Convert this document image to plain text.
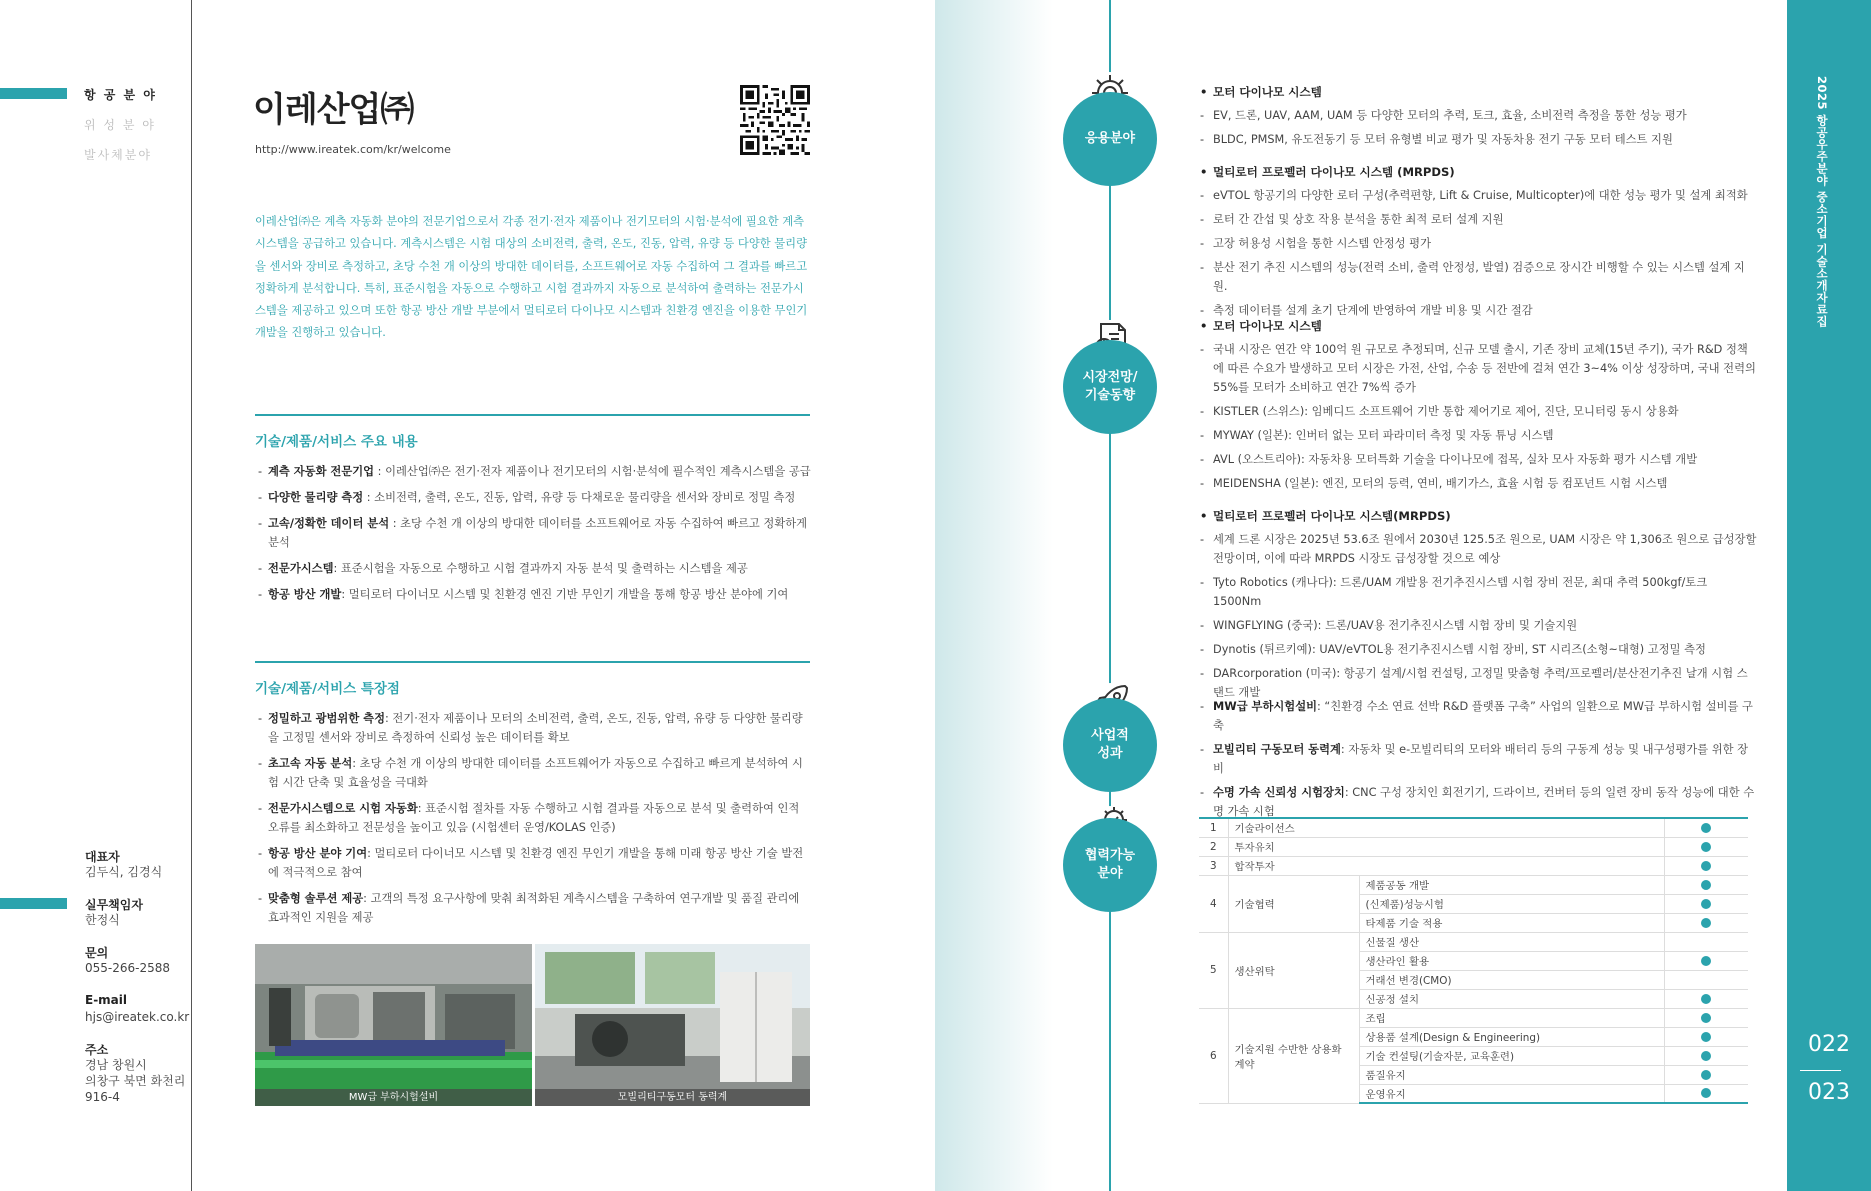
항 공 분 야
위 성 분 야
발사체분야
대표자
김두식, 김경식
실무책임자
한정식
문의
055-266-2588
E-mail
hjs@ireatek.co.kr
주소
경남 창원시
의창구 북면 화천리
916-4
이레산업㈜
http://www.ireatek.com/kr/welcome
이레산업㈜은 계측 자동화 분야의 전문기업으로서 각종 전기·전자 제품이나 전기모터의 시험·분석에 필요한 계측시스템을 공급하고 있습니다. 계측시스템은 시험 대상의 소비전력, 출력, 온도, 진동, 압력, 유량 등 다양한 물리량을 센서와 장비로 측정하고, 초당 수천 개 이상의 방대한 데이터를, 소프트웨어로 자동 수집하여 그 결과를 빠르고 정확하게 분석합니다. 특히, 표준시험을 자동으로 수행하고 시험 결과까지 자동으로 분석하여 출력하는 전문가시스템을 제공하고 있으며 또한 항공 방산 개발 부분에서 멀티로터 다이나모 시스템과 친환경 엔진을 이용한 무인기 개발을 진행하고 있습니다.
기술/제품/서비스 주요 내용
- 계측 자동화 전문기업 : 이레산업㈜은 전기·전자 제품이나 전기모터의 시험·분석에 필수적인 계측시스템을 공급
- 다양한 물리량 측정 : 소비전력, 출력, 온도, 진동, 압력, 유량 등 다채로운 물리량을 센서와 장비로 정밀 측정
- 고속/정확한 데이터 분석 : 초당 수천 개 이상의 방대한 데이터를 소프트웨어로 자동 수집하여 빠르고 정확하게 분석
- 전문가시스템: 표준시험을 자동으로 수행하고 시험 결과까지 자동 분석 및 출력하는 시스템을 제공
- 항공 방산 개발: 멀티로터 다이너모 시스템 및 친환경 엔진 기반 무인기 개발을 통해 항공 방산 분야에 기여
기술/제품/서비스 특장점
- 정밀하고 광범위한 측정: 전기·전자 제품이나 모터의 소비전력, 출력, 온도, 진동, 압력, 유량 등 다양한 물리량을 고정밀 센서와 장비로 측정하여 신뢰성 높은 데이터를 확보
- 초고속 자동 분석: 초당 수천 개 이상의 방대한 데이터를 소프트웨어가 자동으로 수집하고 빠르게 분석하여 시험 시간 단축 및 효율성을 극대화
- 전문가시스템으로 시험 자동화: 표준시험 절차를 자동 수행하고 시험 결과를 자동으로 분석 및 출력하여 인적 오류를 최소화하고 전문성을 높이고 있음 (시험센터 운영/KOLAS 인증)
- 항공 방산 분야 기여: 멀티로터 다이너모 시스템 및 친환경 엔진 무인기 개발을 통해 미래 항공 방산 기술 발전에 적극적으로 참여
- 맞춤형 솔루션 제공: 고객의 특정 요구사항에 맞춰 최적화된 계측시스템을 구축하여 연구개발 및 품질 관리에 효과적인 지원을 제공
MW급 부하시험설비	모빌리티구동모터 동력계
응용분야
• 모터 다이나모 시스템
- EV, 드론, UAV, AAM, UAM 등 다양한 모터의 추력, 토크, 효율, 소비전력 측정을 통한 성능 평가
- BLDC, PMSM, 유도전동기 등 모터 유형별 비교 평가 및 자동차용 전기 구동 모터 테스트 지원
• 멀티로터 프로펠러 다이나모 시스템 (MRPDS)
- eVTOL 항공기의 다양한 로터 구성(추력편향, Lift & Cruise, Multicopter)에 대한 성능 평가 및 설계 최적화
- 로터 간 간섭 및 상호 작용 분석을 통한 최적 로터 설계 지원
- 고장 허용성 시험을 통한 시스템 안정성 평가
- 분산 전기 추진 시스템의 성능(전력 소비, 출력 안정성, 발열) 검증으로 장시간 비행할 수 있는 시스템 설계 지원.
- 측정 데이터를 설계 초기 단계에 반영하여 개발 비용 및 시간 절감
시장전망/
기술동향
• 모터 다이나모 시스템
- 국내 시장은 연간 약 100억 원 규모로 추정되며, 신규 모델 출시, 기존 장비 교체(15년 주기), 국가 R&D 정책에 따른 수요가 발생하고 모터 시장은 가전, 산업, 수송 등 전반에 걸쳐 연간 3~4% 이상 성장하며, 국내 전력의 55%를 모터가 소비하고 연간 7%씩 증가
- KISTLER (스위스): 임베디드 소프트웨어 기반 통합 제어기로 제어, 진단, 모니터링 동시 상용화
- MYWAY (일본): 인버터 없는 모터 파라미터 측정 및 자동 튜닝 시스템
- AVL (오스트리아): 자동차용 모터특화 기술을 다이나모에 접목, 실차 모사 자동화 평가 시스템 개발
- MEIDENSHA (일본): 엔진, 모터의 등력, 연비, 배기가스, 효율 시험 등 컴포넌트 시험 시스템
• 멀티로터 프로펠러 다이나모 시스템(MRPDS)
- 세계 드론 시장은 2025년 53.6조 원에서 2030년 125.5조 원으로, UAM 시장은 약 1,306조 원으로 급성장할 전망이며, 이에 따라 MRPDS 시장도 급성장할 것으로 예상
- Tyto Robotics (캐나다): 드론/UAM 개발용 전기추진시스템 시험 장비 전문, 최대 추력 500kgf/토크 1500Nm
- WINGFLYING (중국): 드론/UAV용 전기추진시스템 시험 장비 및 기술지원
- Dynotis (튀르키예): UAV/eVTOL용 전기추진시스템 시험 장비, ST 시리즈(소형~대형) 고정밀 측정
- DARcorporation (미국): 항공기 설계/시험 컨설팅, 고정밀 맞춤형 추력/프로펠러/분산전기추진 날개 시험 스탠드 개발
사업적
성과
- MW급 부하시험설비: “친환경 수소 연료 선박 R&D 플랫폼 구축” 사업의 일환으로 MW급 부하시험 설비를 구축
- 모빌리티 구동모터 동력계: 자동차 및 e-모빌리티의 모터와 배터리 등의 구동계 성능 및 내구성평가를 위한 장비
- 수명 가속 신뢰성 시험장치: CNC 구성 장치인 회전기기, 드라이브, 컨버터 등의 일련 장비 동작 성능에 대한 수명 가속 시험
협력가능
분야
1	기술라이선스		
2	투자유치		
3	합작투자		
4	기술협력	제품공동 개발	
		(신제품)성능시험	
		타제품 기술 적용	
5	생산위탁	신물질 생산	
		생산라인 활용	
		거래선 변경(CMO)	
		신공정 설치	
6	기술지원 수반한 상용화 계약	조립	
		상용품 설계(Design & Engineering)	
		기술 컨설팅(기술자문, 교육훈련)	
		품질유지	
		운영유지	
2025 항공우주분야 중소기업 기술소개자료집
022
023
